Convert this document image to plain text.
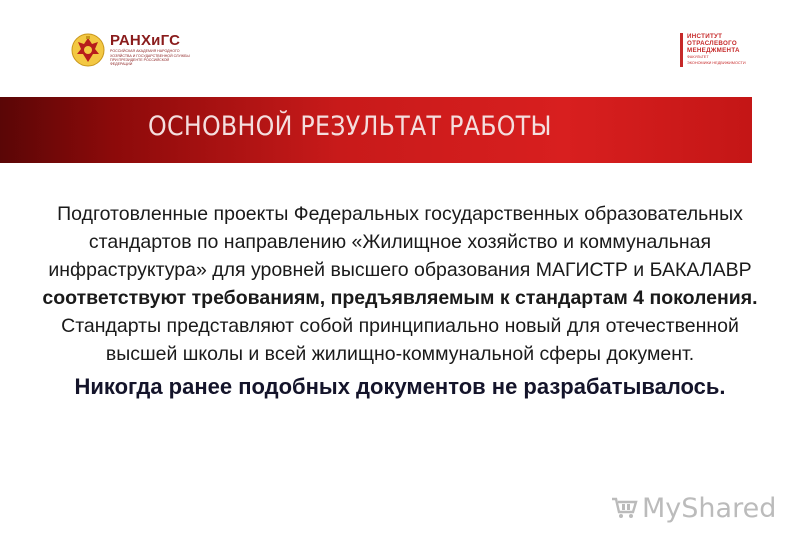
РАНХиГС
РОССИЙСКАЯ АКАДЕМИЯ НАРОДНОГО ХОЗЯЙСТВА И ГОСУДАРСТВЕННОЙ СЛУЖБЫ ПРИ ПРЕЗИДЕНТЕ РОССИЙСКОЙ ФЕДЕРАЦИИ
ИНСТИТУТ
ОТРАСЛЕВОГО
МЕНЕДЖМЕНТА
ФАКУЛЬТЕТ
ЭКОНОМИКИ НЕДВИЖИМОСТИ
ОСНОВНОЙ РЕЗУЛЬТАТ РАБОТЫ

Подготовленные проекты Федеральных государственных образовательных стандартов по направлению «Жилищное хозяйство и коммунальная инфраструктура» для уровней высшего образования МАГИСТР и БАКАЛАВР соответствуют требованиям, предъявляемым к стандартам 4 поколения.

Стандарты представляют собой принципиально новый для отечественной высшей школы и всей жилищно-коммунальной сферы документ.

Никогда ранее подобных документов не разрабатывалось.

MyShared
